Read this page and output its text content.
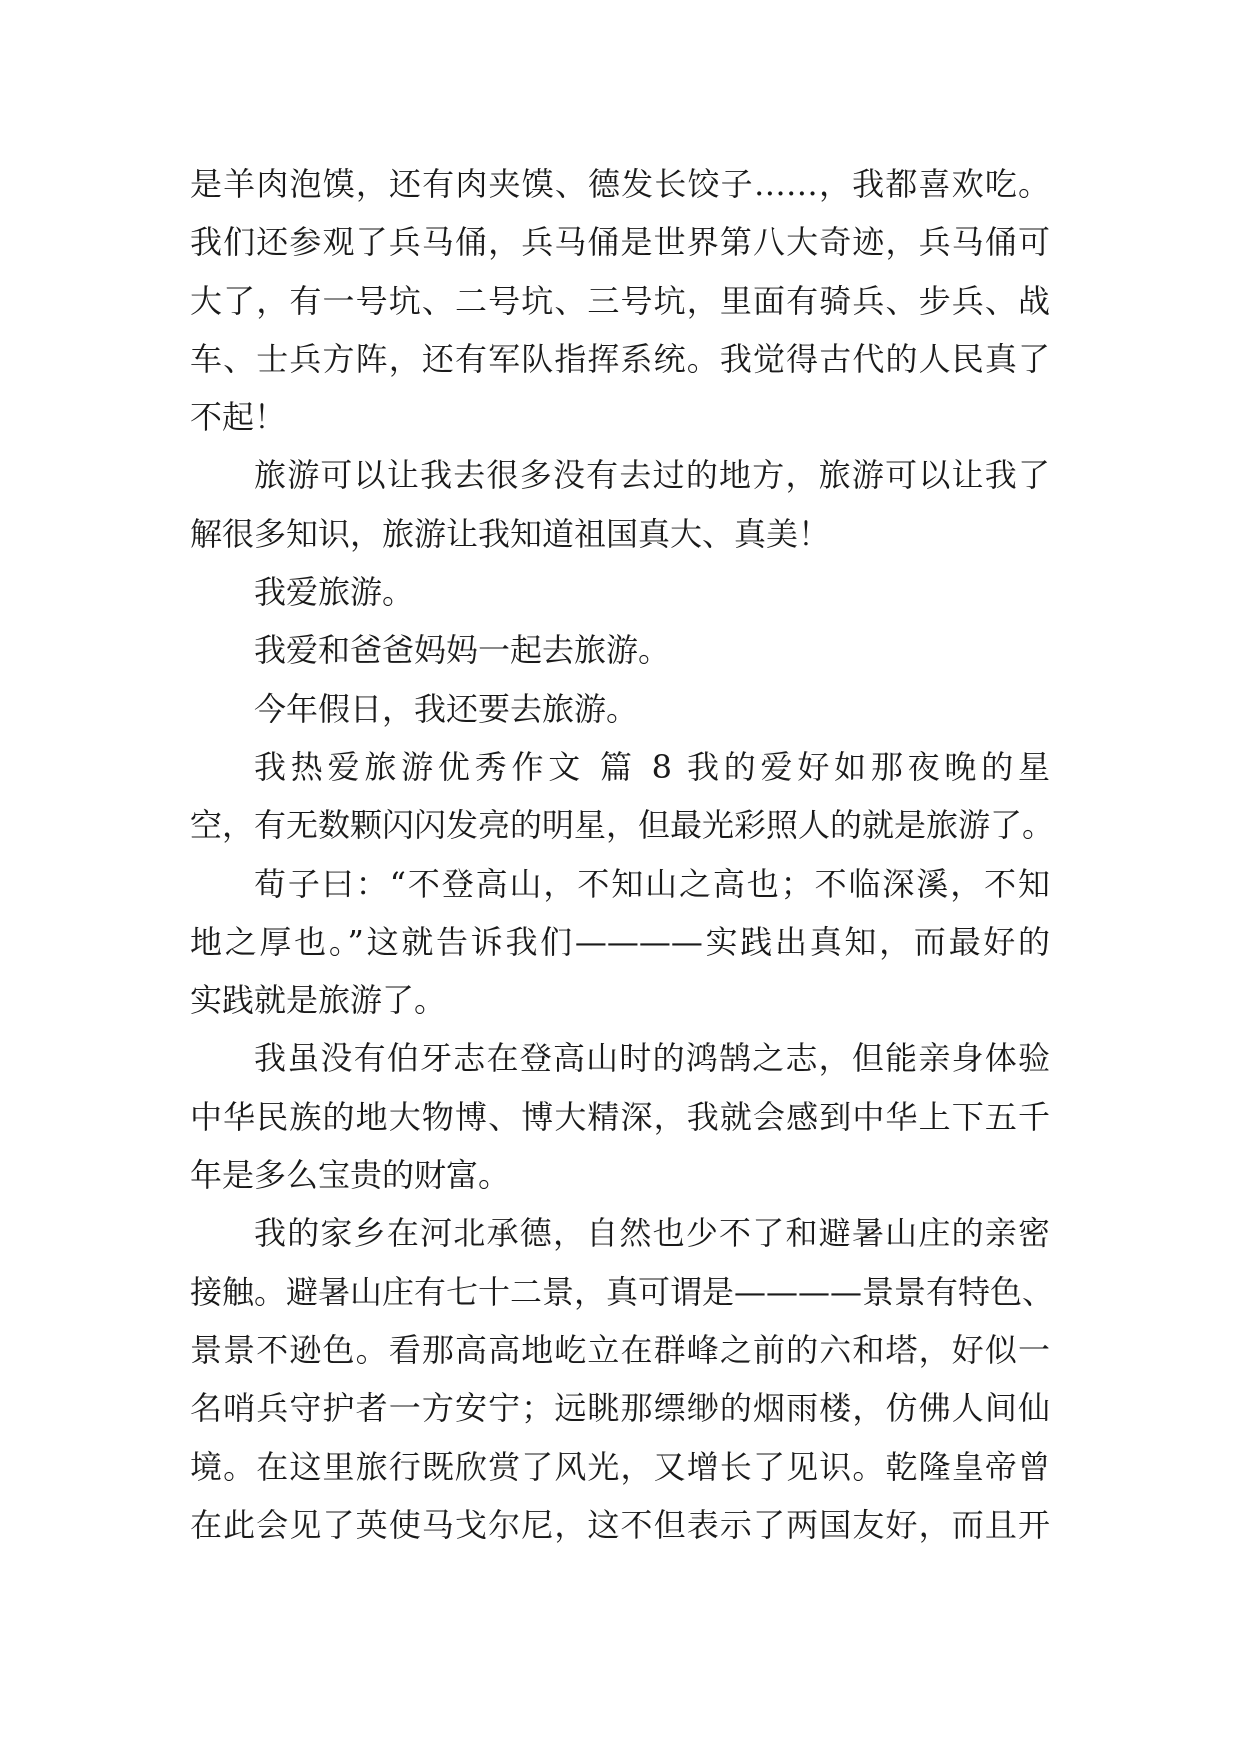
是羊肉泡馍，还有肉夹馍、德发长饺子……，我都喜欢吃。
我们还参观了兵马俑，兵马俑是世界第八大奇迹，兵马俑可
大了，有一号坑、二号坑、三号坑，里面有骑兵、步兵、战
车、士兵方阵，还有军队指挥系统。我觉得古代的人民真了
不起！
旅游可以让我去很多没有去过的地方，旅游可以让我了
解很多知识，旅游让我知道祖国真大、真美！
我爱旅游。
我爱和爸爸妈妈一起去旅游。
今年假日，我还要去旅游。
我热爱旅游优秀作文 篇 8 我的爱好如那夜晚的星
空，有无数颗闪闪发亮的明星，但最光彩照人的就是旅游了。
荀子曰：“不登高山，不知山之高也；不临深溪，不知
地之厚也。”这就告诉我们————实践出真知，而最好的
实践就是旅游了。
我虽没有伯牙志在登高山时的鸿鹄之志，但能亲身体验
中华民族的地大物博、博大精深，我就会感到中华上下五千
年是多么宝贵的财富。
我的家乡在河北承德，自然也少不了和避暑山庄的亲密
接触。避暑山庄有七十二景，真可谓是————景景有特色、
景景不逊色。看那高高地屹立在群峰之前的六和塔，好似一
名哨兵守护者一方安宁；远眺那缥缈的烟雨楼，仿佛人间仙
境。在这里旅行既欣赏了风光，又增长了见识。乾隆皇帝曾
在此会见了英使马戈尔尼，这不但表示了两国友好，而且开
